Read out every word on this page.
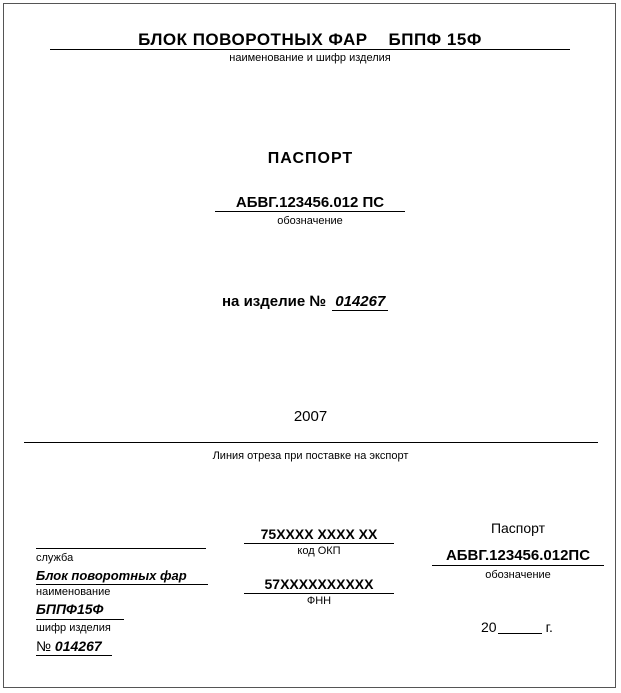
БЛОК ПОВОРОТНЫХ ФАР    БППФ 15Ф
наименование и шифр изделия
ПАСПОРТ
АБВГ.123456.012 ПС
обозначение
на изделие № 014267
2007
Линия отреза при поставке на экспорт
служба
Блок поворотных фар
наименование
БППФ15Ф
шифр изделия
№ 014267
75XXXX XXXX XX
код ОКП
57XXXXXXXXXX
ФНН
Паспорт
АБВГ.123456.012ПС
обозначение
20	г.
